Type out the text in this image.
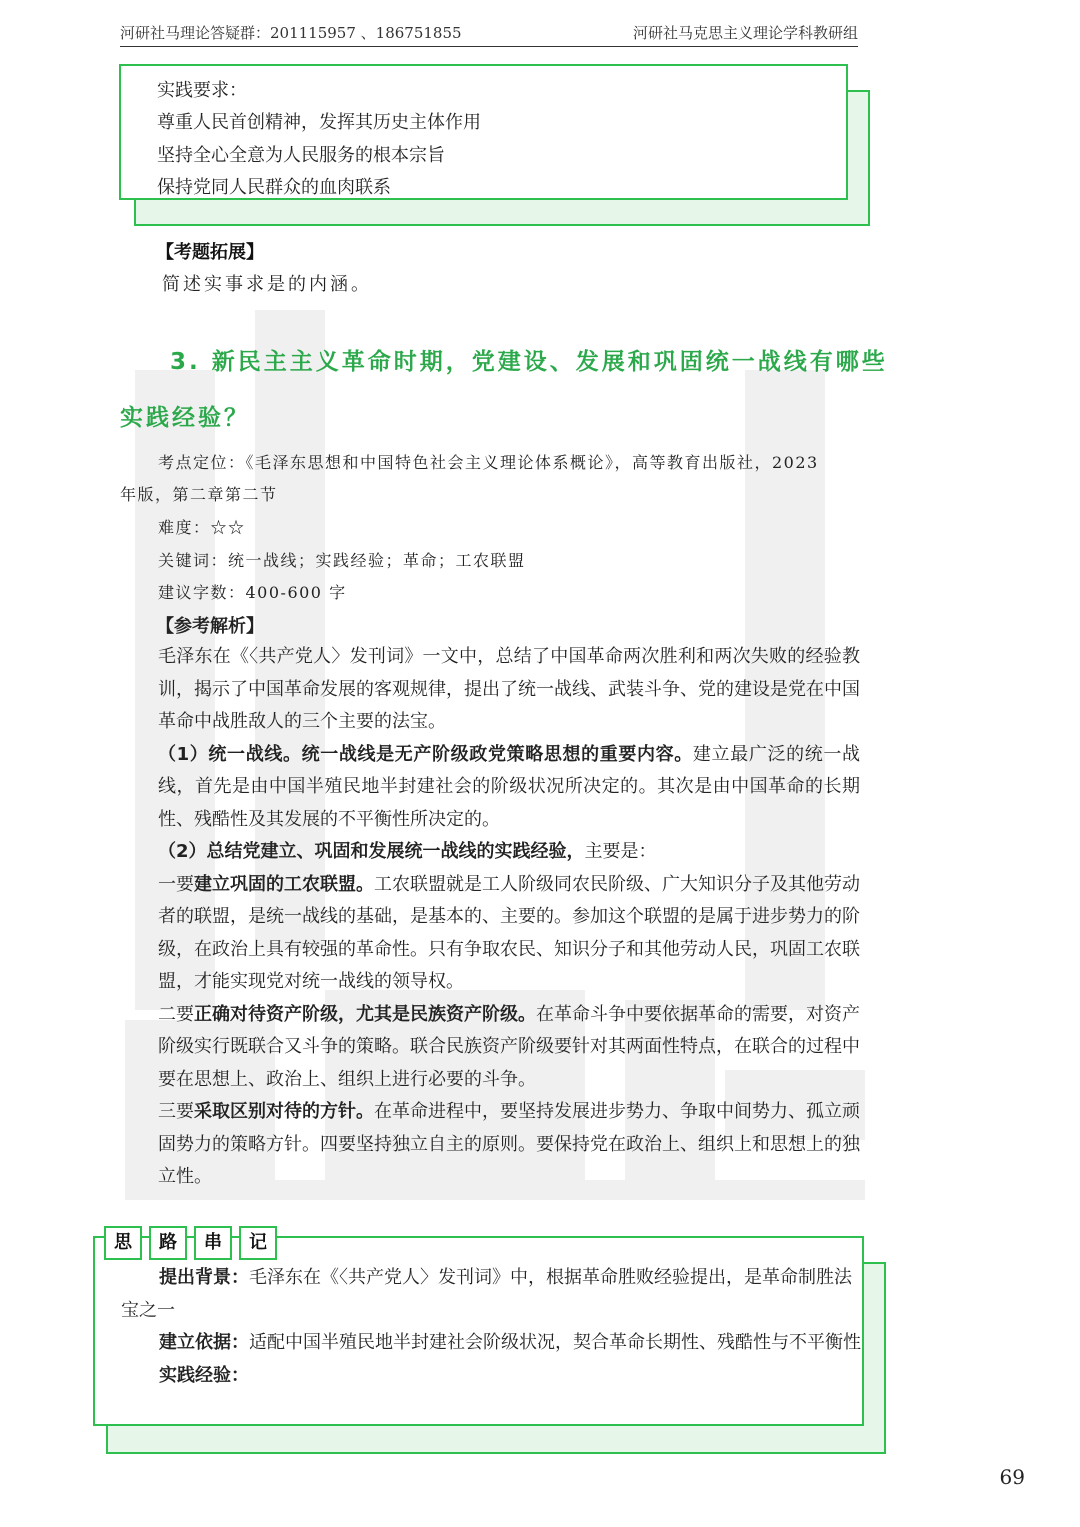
河研社马理论答疑群：201115957 、186751855	河研社马克思主义理论学科教研组
实践要求：
尊重人民首创精神，发挥其历史主体作用
坚持全心全意为人民服务的根本宗旨
保持党同人民群众的血肉联系
【考题拓展】
简述实事求是的内涵。
3. 新民主主义革命时期，党建设、发展和巩固统一战线有哪些
实践经验？
考点定位：《毛泽东思想和中国特色社会主义理论体系概论》，高等教育出版社，2023
年版，第二章第二节
难度：☆☆
关键词：统一战线；实践经验；革命；工农联盟
建议字数：400-600 字
【参考解析】
毛泽东在《〈共产党人〉发刊词》一文中，总结了中国革命两次胜利和两次失败的经验教训，揭示了中国革命发展的客观规律，提出了统一战线、武装斗争、党的建设是党在中国革命中战胜敌人的三个主要的法宝。
（1）统一战线。统一战线是无产阶级政党策略思想的重要内容。建立最广泛的统一战线，首先是由中国半殖民地半封建社会的阶级状况所决定的。其次是由中国革命的长期性、残酷性及其发展的不平衡性所决定的。
（2）总结党建立、巩固和发展统一战线的实践经验，主要是：
一要建立巩固的工农联盟。工农联盟就是工人阶级同农民阶级、广大知识分子及其他劳动者的联盟，是统一战线的基础，是基本的、主要的。参加这个联盟的是属于进步势力的阶级，在政治上具有较强的革命性。只有争取农民、知识分子和其他劳动人民，巩固工农联盟，才能实现党对统一战线的领导权。
二要正确对待资产阶级，尤其是民族资产阶级。在革命斗争中要依据革命的需要，对资产阶级实行既联合又斗争的策略。联合民族资产阶级要针对其两面性特点，在联合的过程中要在思想上、政治上、组织上进行必要的斗争。
三要采取区别对待的方针。在革命进程中，要坚持发展进步势力、争取中间势力、孤立顽固势力的策略方针。四要坚持独立自主的原则。要保持党在政治上、组织上和思想上的独立性。
提出背景：毛泽东在《〈共产党人〉发刊词》中，根据革命胜败经验提出，是革命制胜法宝之一
建立依据：适配中国半殖民地半封建社会阶级状况，契合革命长期性、残酷性与不平衡性
实践经验：
思	路	串	记
69
